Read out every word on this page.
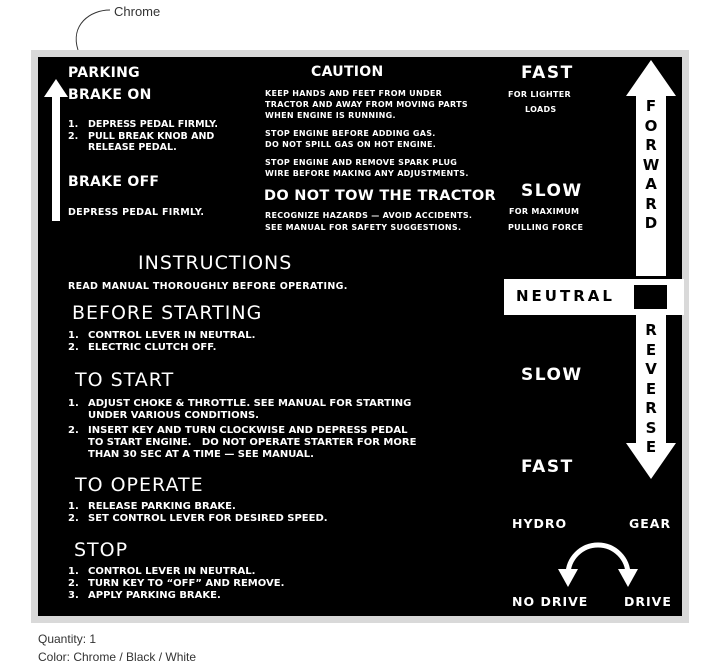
Chrome
PARKING
BRAKE ON
1.	DEPRESS PEDAL FIRMLY.
2.	PULL BREAK KNOB AND
RELEASE PEDAL.
BRAKE OFF
DEPRESS PEDAL FIRMLY.
CAUTION
KEEP HANDS AND FEET FROM UNDER
TRACTOR AND AWAY FROM MOVING PARTS
WHEN ENGINE IS RUNNING.
STOP ENGINE BEFORE ADDING GAS.
DO NOT SPILL GAS ON HOT ENGINE.
STOP ENGINE AND REMOVE SPARK PLUG
WIRE BEFORE MAKING ANY ADJUSTMENTS.
DO NOT TOW THE TRACTOR
RECOGNIZE HAZARDS — AVOID ACCIDENTS.
SEE MANUAL FOR SAFETY SUGGESTIONS.
INSTRUCTIONS
READ MANUAL THOROUGHLY BEFORE OPERATING.
BEFORE STARTING
1. CONTROL LEVER IN NEUTRAL.
2. ELECTRIC CLUTCH OFF.
TO START
1. ADJUST CHOKE & THROTTLE. SEE MANUAL FOR STARTING
UNDER VARIOUS CONDITIONS.
2. INSERT KEY AND TURN CLOCKWISE AND DEPRESS PEDAL
TO START ENGINE.   DO NOT OPERATE STARTER FOR MORE
THAN 30 SEC AT A TIME — SEE MANUAL.
TO OPERATE
1. RELEASE PARKING BRAKE.
2. SET CONTROL LEVER FOR DESIRED SPEED.
STOP
1. CONTROL LEVER IN NEUTRAL.
2. TURN KEY TO “OFF” AND REMOVE.
3. APPLY PARKING BRAKE.
FAST
FOR LIGHTER
LOADS
SLOW
FOR MAXIMUM
PULLING FORCE
SLOW
FAST
F
O
R
W
A
R
D
R
E
V
E
R
S
E
HYDRO	GEAR
NO DRIVE	DRIVE
NEUTRAL
Quantity: 1
Color: Chrome / Black / White
